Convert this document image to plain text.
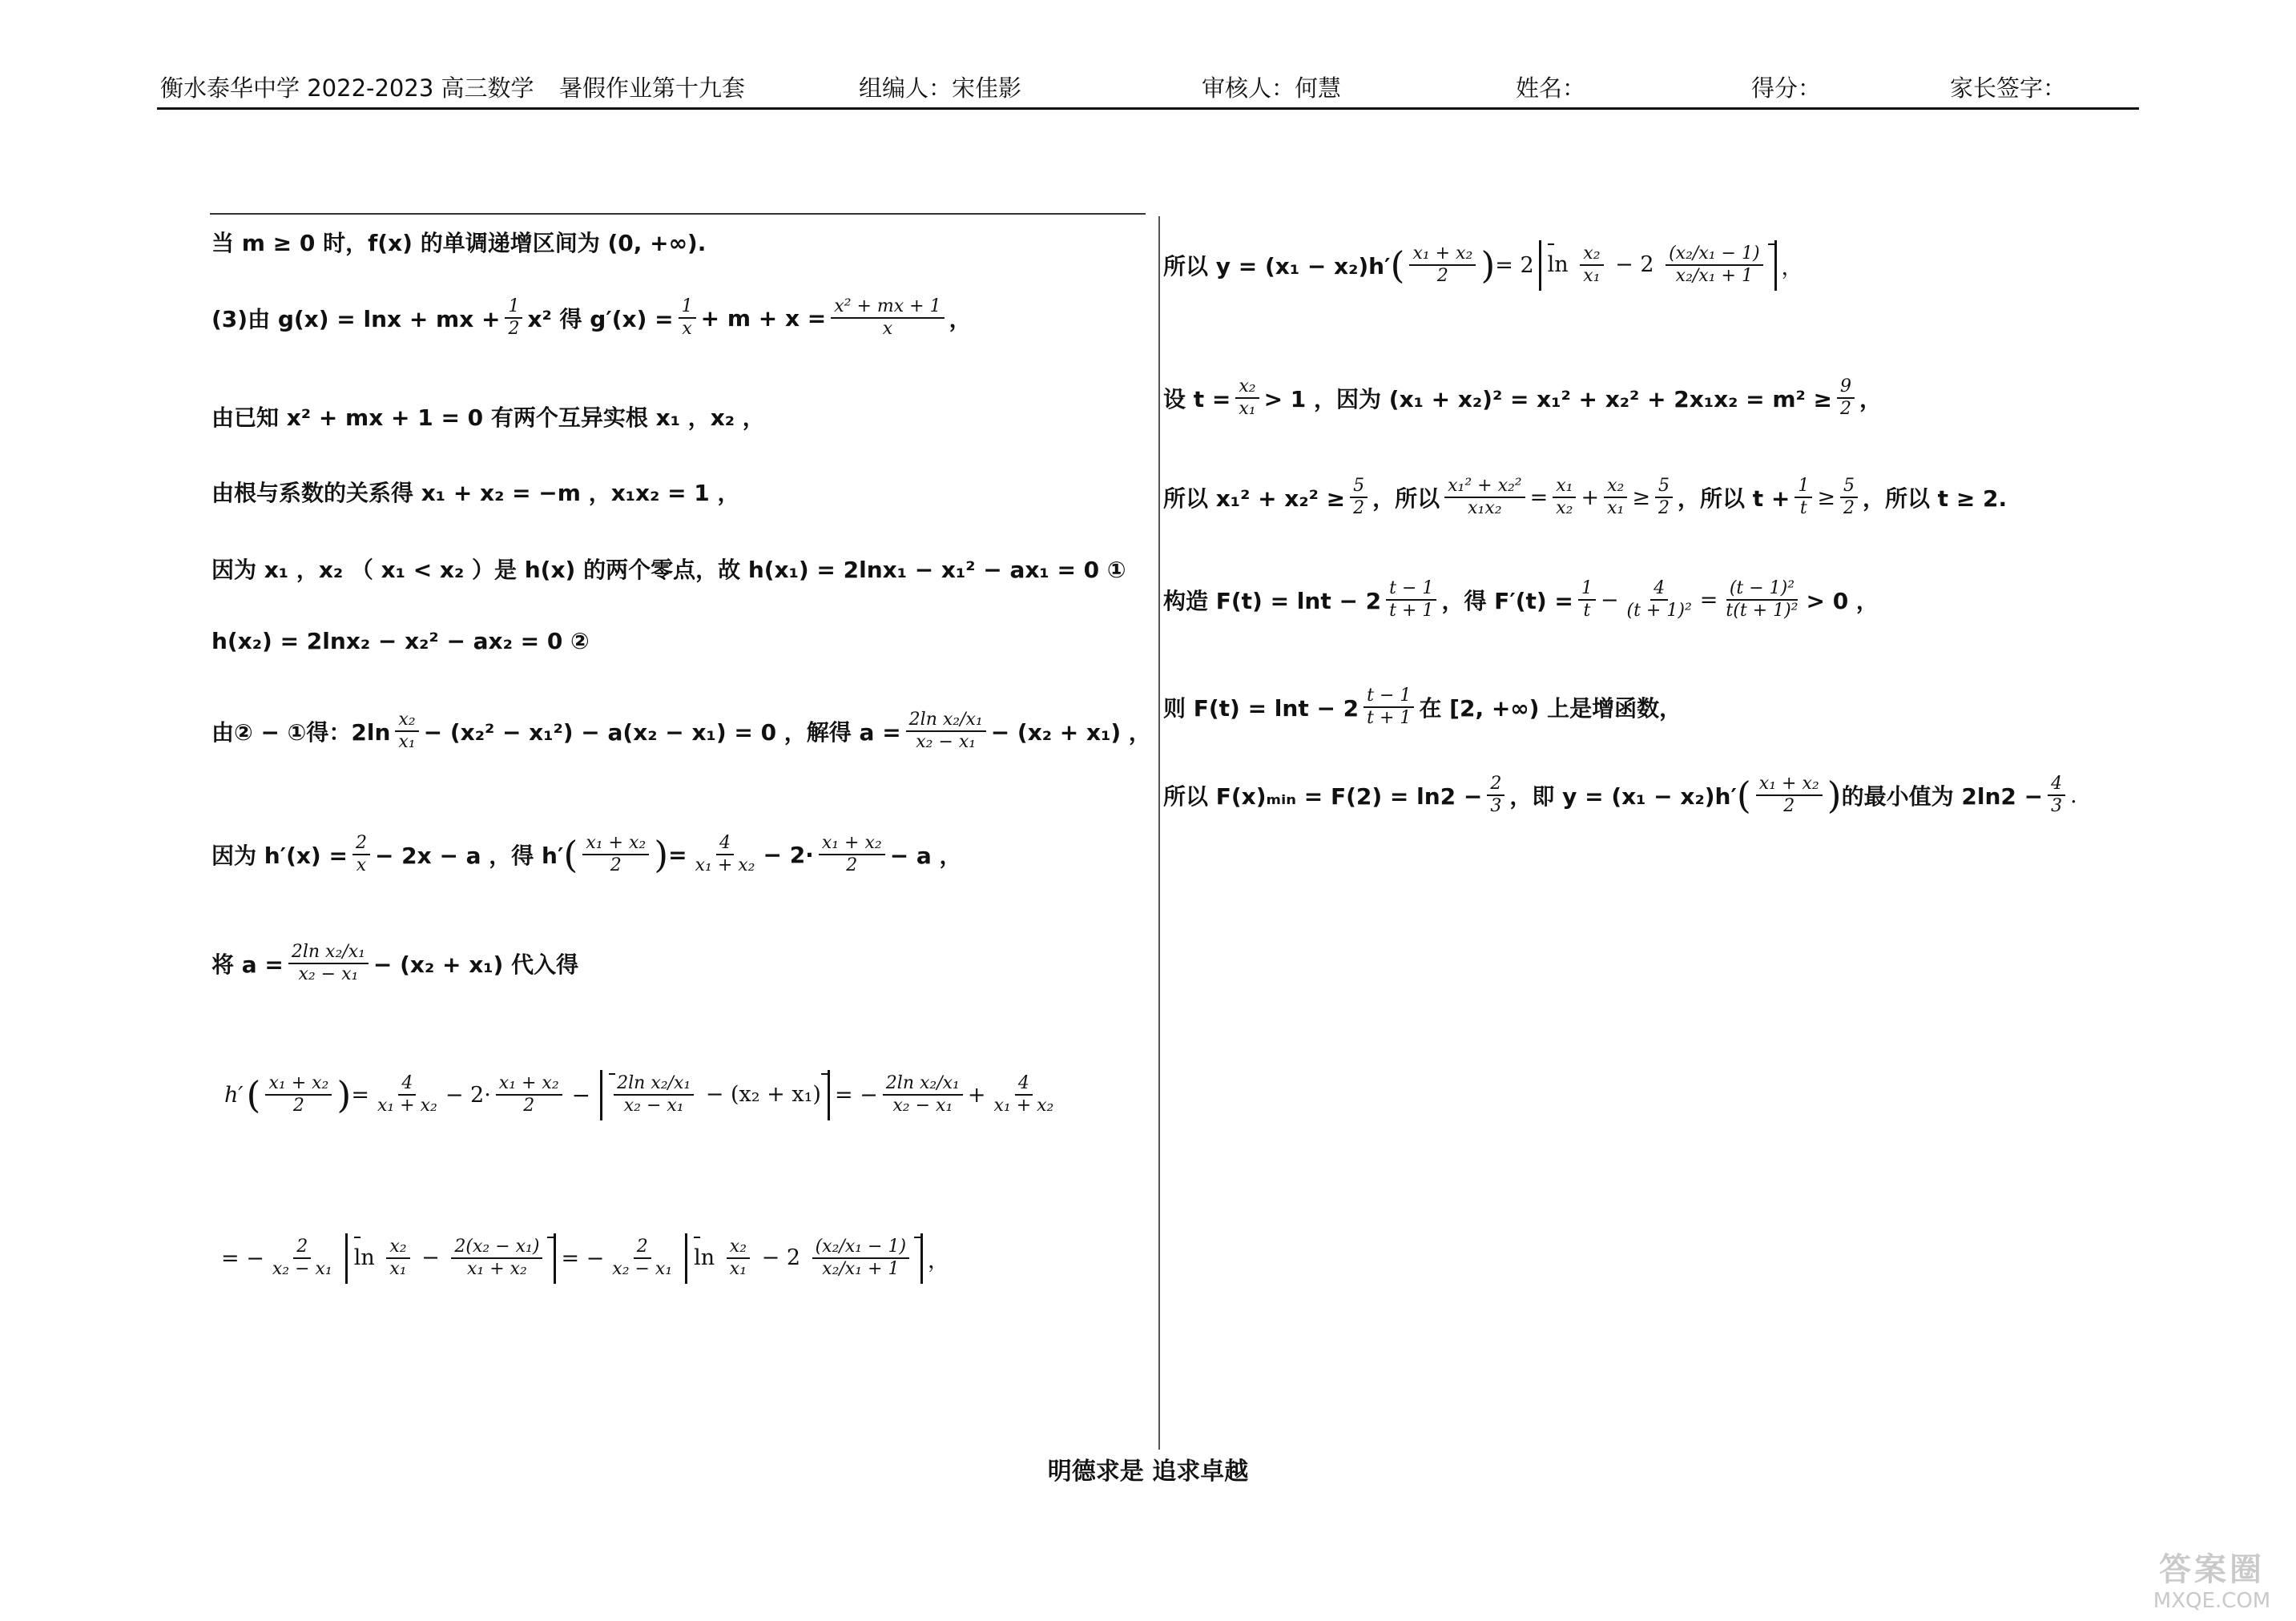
衡水泰华中学 2022-2023 高三数学 暑假作业第十九套	组编人：宋佳影	审核人：何慧	姓名：	得分：	家长签字：
当 m ≥ 0 时，f(x) 的单调递增区间为 (0, +∞).
(3)由 g(x) = lnx + mx + $\frac{1}{2} x^2$ 得 $g'(x) = \frac{1}{x} + m + x = \frac{\text{x² + mx + 1}}{x}$ ，
由已知 x² + mx + 1 = 0 有两个互异实根 x₁ ，x₂ ，
由根与系数的关系得 x₁ + x₂ = −m ，x₁x₂ = 1 ，
因为 x₁ ，x₂ （ x₁ < x₂ ）是 h(x) 的两个零点，故 h(x₁) = 2lnx₁ − x₁² − ax₁ = 0 ①
h(x₂) = 2lnx₂ − x₂² − ax₂ = 0 ②
由② − ①得：$2\ln \frac{\text{x₂}}{\text{x₁}} - (x_2^2 - x_1^2) - a(x_2 - x_1) = 0$ ，解得 $a = \frac{\text{2ln x₂/x₁}}{\text{x₂ − x₁}} - (x_2 + x_1)$ ，
因为 $h'(x) = \frac{2}{x} - 2x - a$ ，得 h′ ( $\frac{\text{x₁ + x₂}}{2}$ ) = $\frac{4}{\text{x₁ + x₂}} - 2\cdot \frac{\text{x₁ + x₂}}{2} - a$ ，
将 $a = \frac{\text{2ln x₂/x₁}}{\text{x₂ − x₁}} - (x_2 + x_1)$ 代入得
h′ ( $\frac{\text{x₁ + x₂}}{2}$ ) = $\frac{4}{\text{x₁ + x₂}} - 2\cdot \frac{\text{x₁ + x₂}}{2} - \frac{\text{2ln x₂/x₁}}{\text{x₂ − x₁}} - (x_2 + x_1)$ = − $\frac{\text{2ln x₂/x₁}}{\text{x₂ − x₁}} + \frac{4}{\text{x₁ + x₂}}$
= − $\frac{2}{\text{x₂ − x₁}}$ $\ln \frac{\text{x₂}}{\text{x₁}} - \frac{\text{2(x₂ − x₁)}}{\text{x₁ + x₂}}$ = − $\frac{2}{\text{x₂ − x₁}}$ $\ln \frac{\text{x₂}}{\text{x₁}} - 2 \frac{\text{(x₂/x₁ − 1)}}{\text{x₂/x₁ + 1}}$ ，
所以 y = (x₁ − x₂)h′ ( $\frac{\text{x₁ + x₂}}{2}$ ) = 2 $\ln \frac{\text{x₂}}{\text{x₁}} - 2 \frac{\text{(x₂/x₁ − 1)}}{\text{x₂/x₁ + 1}}$ ，
设 $t = \frac{\text{x₂}}{\text{x₁}} > 1$ ，因为 $(x_1 + x_2)^2 = x_1^2 + x_2^2 + 2x_1x_2 = m^2 \ge \frac{9}{2}$ ，
所以 $x_1^2 + x_2^2 \ge \frac{5}{2}$ ，所以 $\frac{\text{x₁² + x₂²}}{\text{x₁x₂}} = \frac{\text{x₁}}{\text{x₂}} + \frac{\text{x₂}}{\text{x₁}} \ge \frac{5}{2}$ ，所以 $t + \frac{1}{t} \ge \frac{5}{2}$ ，所以 t ≥ 2.
构造 $F(t) = \ln t - 2 \frac{t - 1}{t + 1}$ ，得 $F'(t) = \frac{1}{t} - \frac{4}{\text{(t + 1)²}} = \frac{\text{(t − 1)²}}{\text{t(t + 1)²}} > 0$ ，
则 $F(t) = \ln t - 2 \frac{t - 1}{t + 1}$ 在 [2, +∞) 上是增函数，
所以 F(x)ₘᵢₙ = $F(2) = \ln 2 - \frac{2}{3}$ ，即 y = (x₁ − x₂)h′ ( $\frac{\text{x₁ + x₂}}{2}$ ) 的最小值为 $2\ln 2 - \frac{4}{3}$ .
明德求是 追求卓越
答案圈
MXQE.COM
